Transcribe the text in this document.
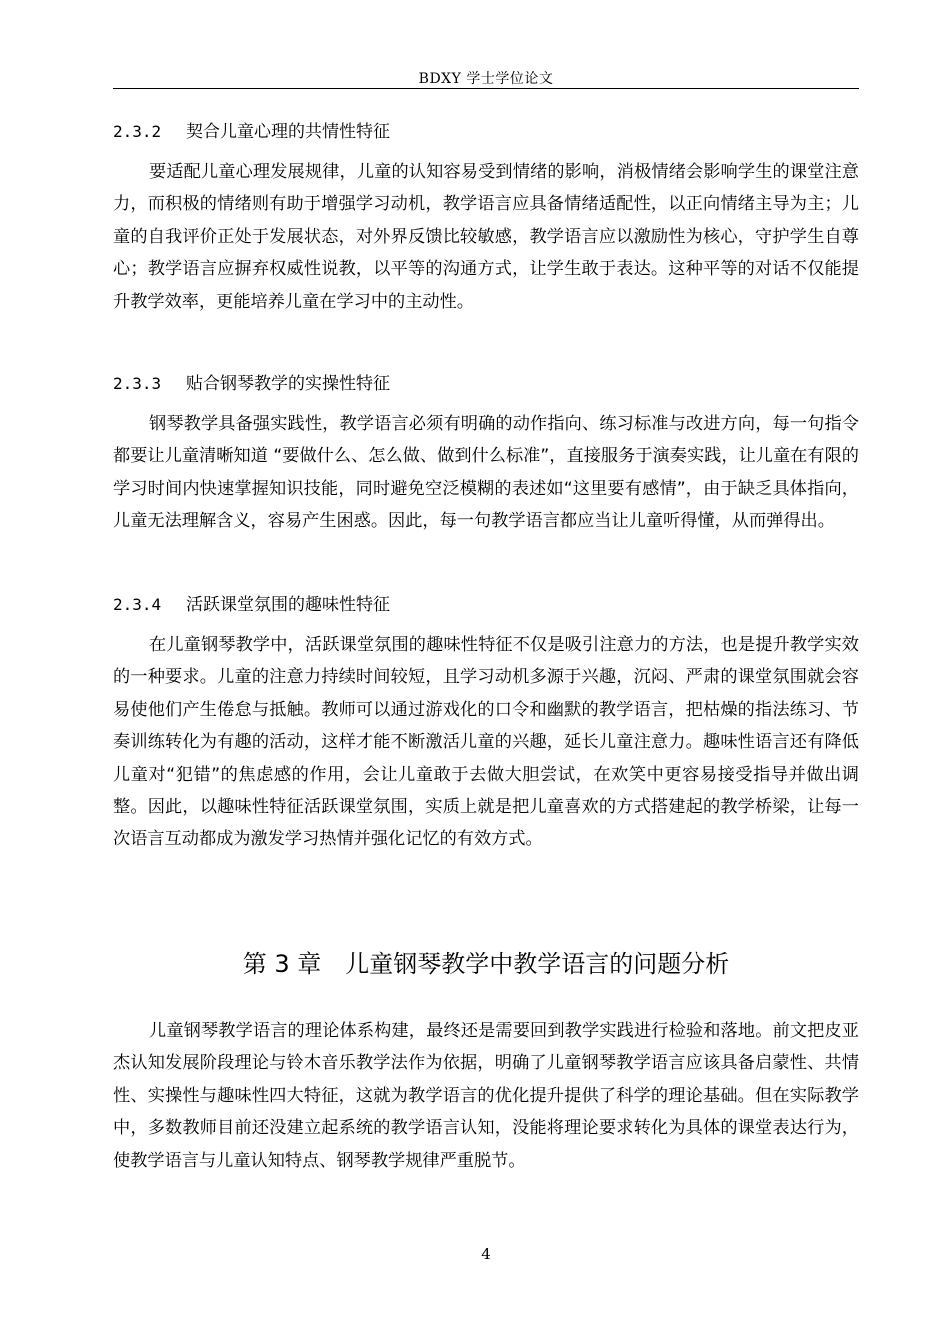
BDXY 学士学位论文
2.3.2 契合儿童心理的共情性特征

要适配儿童心理发展规律，儿童的认知容易受到情绪的影响，消极情绪会影响学生的课堂注意力，而积极的情绪则有助于增强学习动机，教学语言应具备情绪适配性，以正向情绪主导为主；儿童的自我评价正处于发展状态，对外界反馈比较敏感，教学语言应以激励性为核心，守护学生自尊心；教学语言应摒弃权威性说教，以平等的沟通方式，让学生敢于表达。这种平等的对话不仅能提升教学效率，更能培养儿童在学习中的主动性。

2.3.3 贴合钢琴教学的实操性特征

钢琴教学具备强实践性，教学语言必须有明确的动作指向、练习标准与改进方向，每一句指令都要让儿童清晰知道 “要做什么、怎么做、做到什么标准”，直接服务于演奏实践，让儿童在有限的学习时间内快速掌握知识技能，同时避免空泛模糊的表述如“这里要有感情”，由于缺乏具体指向，儿童无法理解含义，容易产生困惑。因此，每一句教学语言都应当让儿童听得懂，从而弹得出。

2.3.4 活跃课堂氛围的趣味性特征

在儿童钢琴教学中，活跃课堂氛围的趣味性特征不仅是吸引注意力的方法，也是提升教学实效的一种要求。儿童的注意力持续时间较短，且学习动机多源于兴趣，沉闷、严肃的课堂氛围就会容易使他们产生倦怠与抵触。教师可以通过游戏化的口令和幽默的教学语言，把枯燥的指法练习、节奏训练转化为有趣的活动，这样才能不断激活儿童的兴趣，延长儿童注意力。趣味性语言还有降低儿童对“犯错”的焦虑感的作用，会让儿童敢于去做大胆尝试，在欢笑中更容易接受指导并做出调整。因此，以趣味性特征活跃课堂氛围，实质上就是把儿童喜欢的方式搭建起的教学桥梁，让每一次语言互动都成为激发学习热情并强化记忆的有效方式。

第 3 章 儿童钢琴教学中教学语言的问题分析

儿童钢琴教学语言的理论体系构建，最终还是需要回到教学实践进行检验和落地。前文把皮亚杰认知发展阶段理论与铃木音乐教学法作为依据，明确了儿童钢琴教学语言应该具备启蒙性、共情性、实操性与趣味性四大特征，这就为教学语言的优化提升提供了科学的理论基础。但在实际教学中，多数教师目前还没建立起系统的教学语言认知，没能将理论要求转化为具体的课堂表达行为，使教学语言与儿童认知特点、钢琴教学规律严重脱节。

4
